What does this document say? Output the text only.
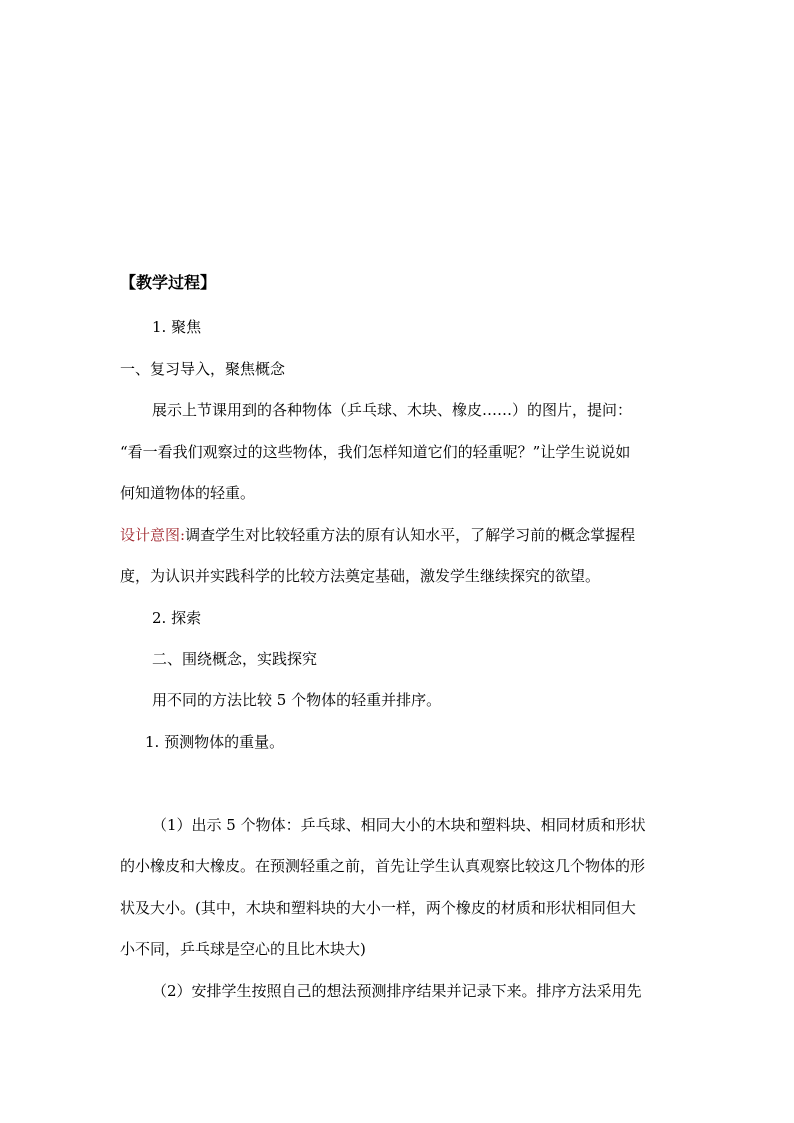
【教学过程】
1. 聚焦
一、复习导入，聚焦概念
展示上节课用到的各种物体（乒乓球、木块、橡皮……）的图片，提问：
“看一看我们观察过的这些物体，我们怎样知道它们的轻重呢？”让学生说说如
何知道物体的轻重。
设计意图:调查学生对比较轻重方法的原有认知水平，了解学习前的概念掌握程
度，为认识并实践科学的比较方法奠定基础，激发学生继续探究的欲望。
2. 探索
二、围绕概念，实践探究
用不同的方法比较 5 个物体的轻重并排序。
1. 预测物体的重量。
（1）出示 5 个物体：乒乓球、相同大小的木块和塑料块、相同材质和形状
的小橡皮和大橡皮。在预测轻重之前，首先让学生认真观察比较这几个物体的形
状及大小。(其中，木块和塑料块的大小一样，两个橡皮的材质和形状相同但大
小不同，乒乓球是空心的且比木块大)
（2）安排学生按照自己的想法预测排序结果并记录下来。排序方法采用先
